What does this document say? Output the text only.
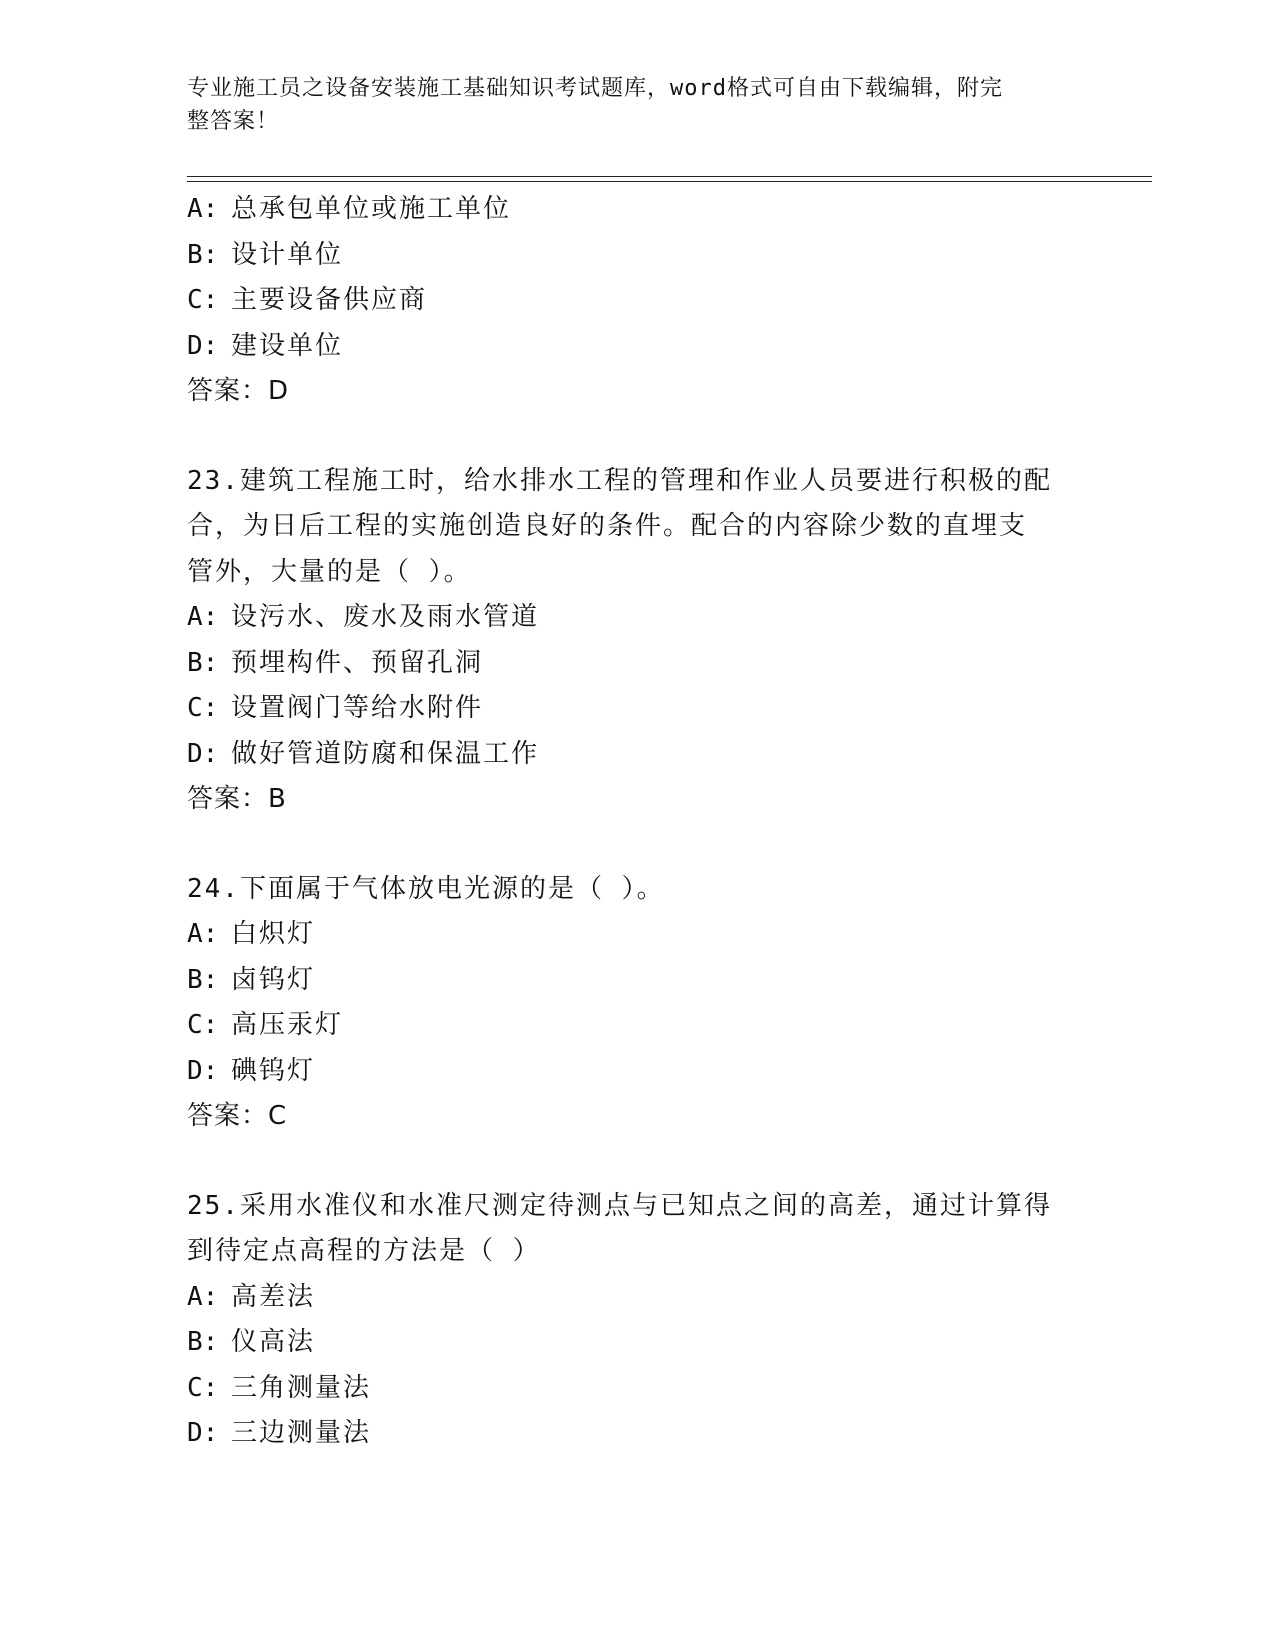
专业施工员之设备安装施工基础知识考试题库，word格式可自由下载编辑，附完
整答案！
A: 总承包单位或施工单位
B: 设计单位
C: 主要设备供应商
D: 建设单位
答案：D
23.建筑工程施工时，给水排水工程的管理和作业人员要进行积极的配
合，为日后工程的实施创造良好的条件。配合的内容除少数的直埋支
管外，大量的是（ ）。
A: 设污水、废水及雨水管道
B: 预埋构件、预留孔洞
C: 设置阀门等给水附件
D: 做好管道防腐和保温工作
答案：B
24.下面属于气体放电光源的是（ ）。
A: 白炽灯
B: 卤钨灯
C: 高压汞灯
D: 碘钨灯
答案：C
25.采用水准仪和水准尺测定待测点与已知点之间的高差，通过计算得
到待定点高程的方法是（ ）
A: 高差法
B: 仪高法
C: 三角测量法
D: 三边测量法
